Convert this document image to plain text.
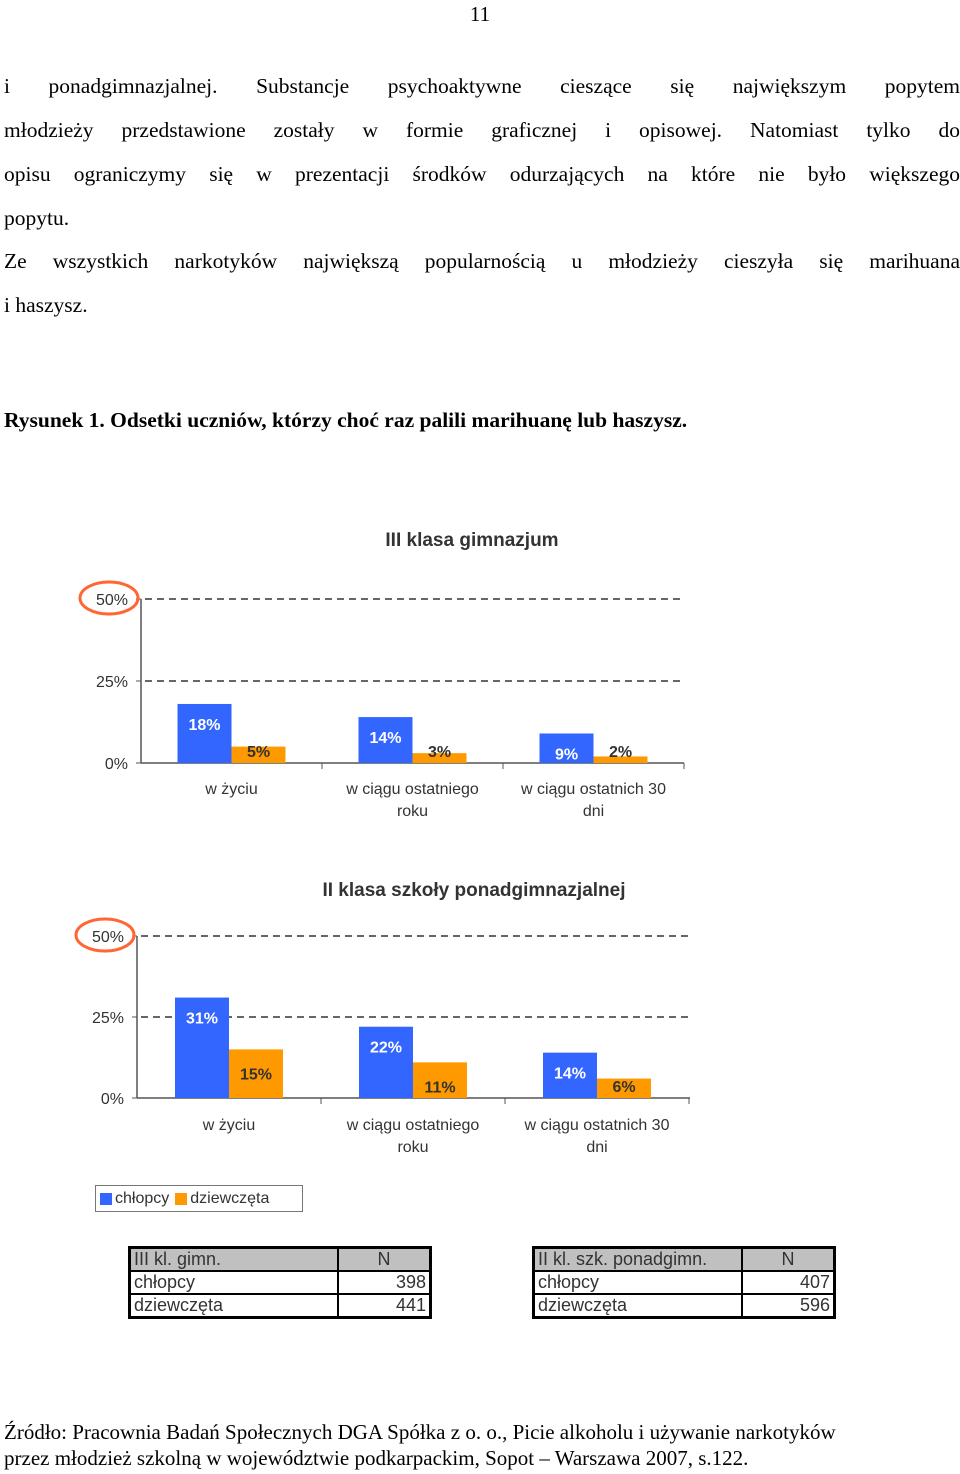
11
i ponadgimnazjalnej. Substancje psychoaktywne cieszące się największym popytem
młodzieży przedstawione zostały w formie graficznej i opisowej. Natomiast tylko do
opisu ograniczymy się w prezentacji środków odurzających na które nie było większego
popytu.
Ze wszystkich narkotyków największą popularnością u młodzieży cieszyła się marihuana
i haszysz.
Rysunek 1. Odsetki uczniów, którzy choć raz palili marihuanę lub haszysz.
III klasa gimnazjum
0%
25%
50%
18%
5%
w życiu
14%
3%
w ciągu ostatniego
roku
9% 2%
w ciągu ostatnich 30
dni
II klasa szkoły ponadgimnazjalnej
0%
25%
50%
31%
15%
w życiu
22%
11%
w ciągu ostatniego
roku
14%
6%
w ciągu ostatnich 30
dni
chłopcy dziewczęta
III kl. gimn.	N
chłopcy	398
dziewczęta	441
II kl. szk. ponadgimn.	N
chłopcy	407
dziewczęta	596
Źródło: Pracownia Badań Społecznych DGA Spółka z o. o., Picie alkoholu i używanie narkotyków
przez młodzież szkolną w województwie podkarpackim, Sopot – Warszawa 2007, s.122.
